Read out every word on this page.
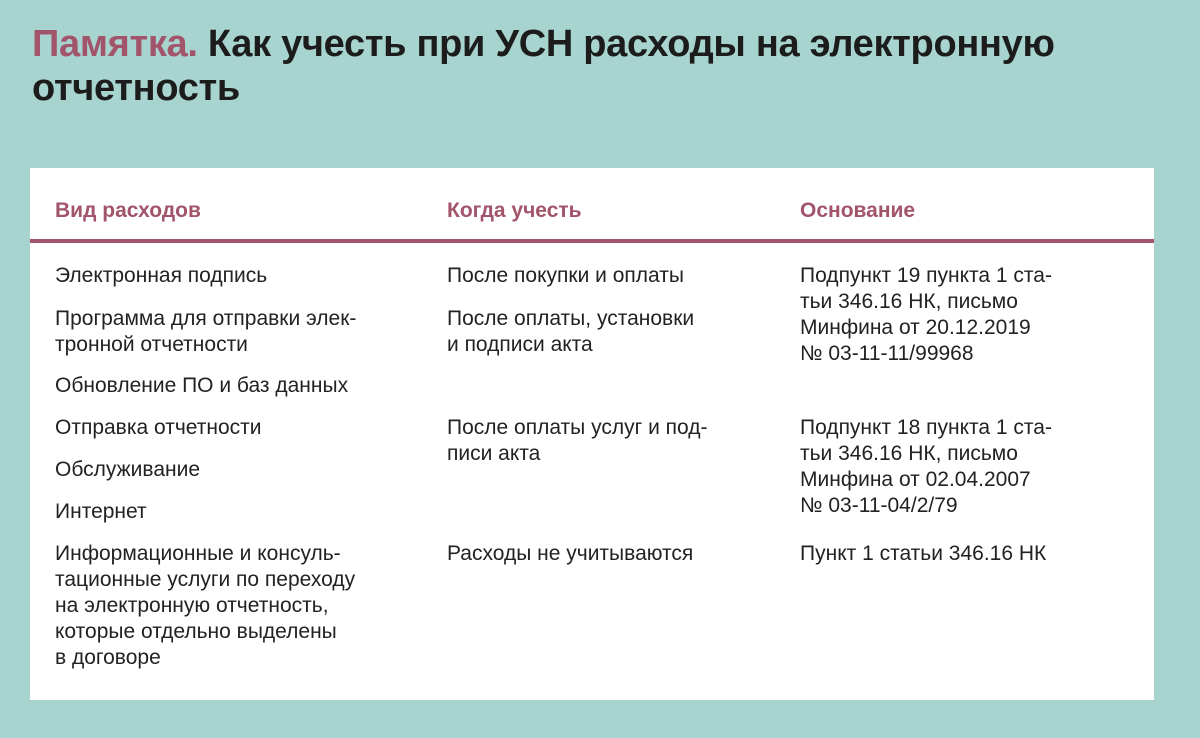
Памятка. Как учесть при УСН расходы на электронную отчетность
Вид расходов	Когда учесть	Основание
Электронная подпись
Программа для отправки элек-
тронной отчетности
Обновление ПО и баз данных
Отправка отчетности
Обслуживание
Интернет
Информационные и консуль-
тационные услуги по переходу
на электронную отчетность,
которые отдельно выделены
в договоре
После покупки и оплаты
После оплаты, установки
и подписи акта
После оплаты услуг и под-
писи акта
Расходы не учитываются
Подпункт 19 пункта 1 ста-
тьи 346.16 НК, письмо
Минфина от 20.12.2019
№ 03-11-11/99968
Подпункт 18 пункта 1 ста-
тьи 346.16 НК, письмо
Минфина от 02.04.2007
№ 03-11-04/2/79
Пункт 1 статьи 346.16 НК
